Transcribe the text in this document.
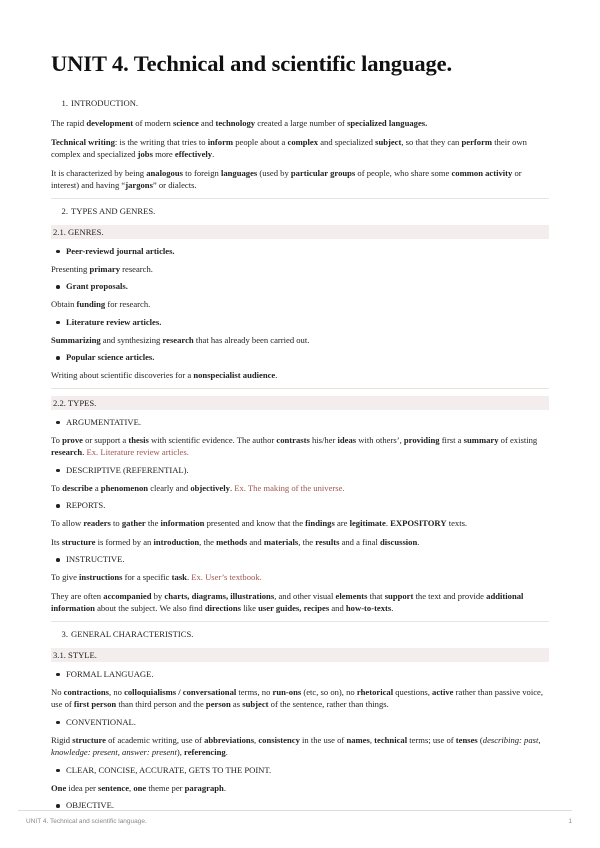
UNIT 4. Technical and scientific language.
1. INTRODUCTION.

The rapid development of modern science and technology created a large number of specialized languages.

Technical writing: is the writing that tries to inform people about a complex and specialized subject, so that they can perform their own complex and specialized jobs more effectively.

It is characterized by being analogous to foreign languages (used by particular groups of people, who share some common activity or interest) and having “jargons” or dialects.

2. TYPES AND GENRES.
2.1. GENRES.
Peer-reviewd journal articles.

Presenting primary research.

Grant proposals.

Obtain funding for research.

Literature review articles.

Summarizing and synthesizing research that has already been carried out.

Popular science articles.

Writing about scientific discoveries for a nonspecialist audience.

2.2. TYPES.
ARGUMENTATIVE.

To prove or support a thesis with scientific evidence. The author contrasts his/her ideas with others’, providing first a summary of existing research. Ex. Literature review articles.

DESCRIPTIVE (REFERENTIAL).

To describe a phenomenon clearly and objectively. Ex. The making of the universe.

REPORTS.

To allow readers to gather the information presented and know that the findings are legitimate. EXPOSITORY texts.

Its structure is formed by an introduction, the methods and materials, the results and a final discussion.

INSTRUCTIVE.

To give instructions for a specific task. Ex. User’s textbook.

They are often accompanied by charts, diagrams, illustrations, and other visual elements that support the text and provide additional information about the subject. We also find directions like user guides, recipes and how-to-texts.

3. GENERAL CHARACTERISTICS.
3.1. STYLE.
FORMAL LANGUAGE.

No contractions, no colloquialisms / conversational terms, no run-ons (etc, so on), no rhetorical questions, active rather than passive voice, use of first person than third person and the person as subject of the sentence, rather than things.

CONVENTIONAL.

Rigid structure of academic writing, use of abbreviations, consistency in the use of names, technical terms; use of tenses (describing: past, knowledge: present, answer: present), referencing.

CLEAR, CONCISE, ACCURATE, GETS TO THE POINT.

One idea per sentence, one theme per paragraph.

OBJECTIVE.
UNIT 4. Technical and scientific language.	1
